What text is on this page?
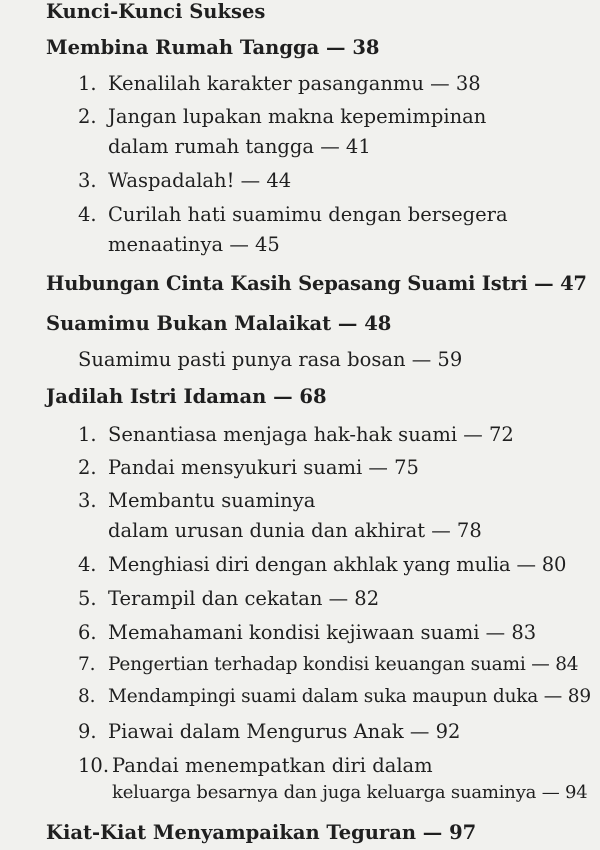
Kunci-Kunci Sukses
Membina Rumah Tangga — 38
1. Kenalilah karakter pasanganmu — 38
2. Jangan lupakan makna kepemimpinan
dalam rumah tangga — 41
3. Waspadalah! — 44
4. Curilah hati suamimu dengan bersegera
menaatinya — 45
Hubungan Cinta Kasih Sepasang Suami Istri — 47
Suamimu Bukan Malaikat — 48
Suamimu pasti punya rasa bosan — 59
Jadilah Istri Idaman — 68
1. Senantiasa menjaga hak-hak suami — 72
2. Pandai mensyukuri suami — 75
3. Membantu suaminya
dalam urusan dunia dan akhirat — 78
4. Menghiasi diri dengan akhlak yang mulia — 80
5. Terampil dan cekatan — 82
6. Memahamani kondisi kejiwaan suami — 83
7. Pengertian terhadap kondisi keuangan suami — 84
8. Mendampingi suami dalam suka maupun duka — 89
9. Piawai dalam Mengurus Anak — 92
10. Pandai menempatkan diri dalam
keluarga besarnya dan juga keluarga suaminya — 94
Kiat-Kiat Menyampaikan Teguran — 97
